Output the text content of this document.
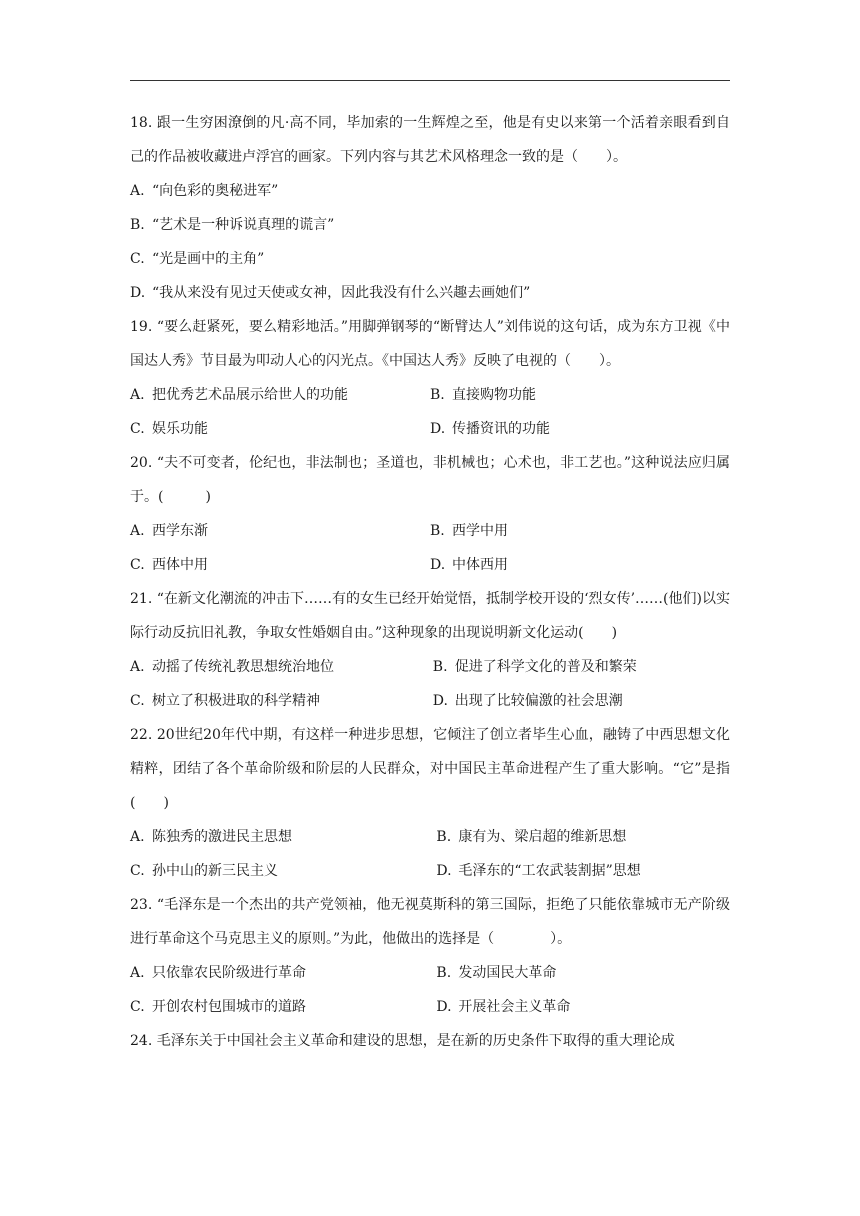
18. 跟一生穷困潦倒的凡·高不同，毕加索的一生辉煌之至，他是有史以来第一个活着亲眼看到自己的作品被收藏进卢浮宫的画家。下列内容与其艺术风格理念一致的是（　　）。

A. “向色彩的奥秘进军”

B. “艺术是一种诉说真理的谎言”

C. “光是画中的主角”

D. “我从来没有见过天使或女神，因此我没有什么兴趣去画她们”

19. “要么赶紧死，要么精彩地活。”用脚弹钢琴的“断臂达人”刘伟说的这句话，成为东方卫视《中国达人秀》节目最为叩动人心的闪光点。《中国达人秀》反映了电视的（　　）。

A. 把优秀艺术品展示给世人的功能	B. 直接购物功能
C. 娱乐功能	D. 传播资讯的功能

20. “夫不可变者，伦纪也，非法制也；圣道也，非机械也；心术也，非工艺也。”这种说法应归属于。(　　　)

A. 西学东渐	B. 西学中用
C. 西体中用	D. 中体西用

21. “在新文化潮流的冲击下……有的女生已经开始觉悟，抵制学校开设的‘烈女传’……(他们)以实际行动反抗旧礼教，争取女性婚姻自由。”这种现象的出现说明新文化运动(　　)

A. 动摇了传统礼教思想统治地位	B. 促进了科学文化的普及和繁荣
C. 树立了积极进取的科学精神	D. 出现了比较偏激的社会思潮

22. 20世纪20年代中期，有这样一种进步思想，它倾注了创立者毕生心血，融铸了中西思想文化精粹，团结了各个革命阶级和阶层的人民群众，对中国民主革命进程产生了重大影响。“它”是指(　　)

A. 陈独秀的激进民主思想	B. 康有为、梁启超的维新思想
C. 孙中山的新三民主义	D. 毛泽东的“工农武装割据”思想

23. “毛泽东是一个杰出的共产党领袖，他无视莫斯科的第三国际，拒绝了只能依靠城市无产阶级进行革命这个马克思主义的原则。”为此，他做出的选择是（　　　　）。

A. 只依靠农民阶级进行革命	B. 发动国民大革命
C. 开创农村包围城市的道路	D. 开展社会主义革命

24. 毛泽东关于中国社会主义革命和建设的思想，是在新的历史条件下取得的重大理论成
